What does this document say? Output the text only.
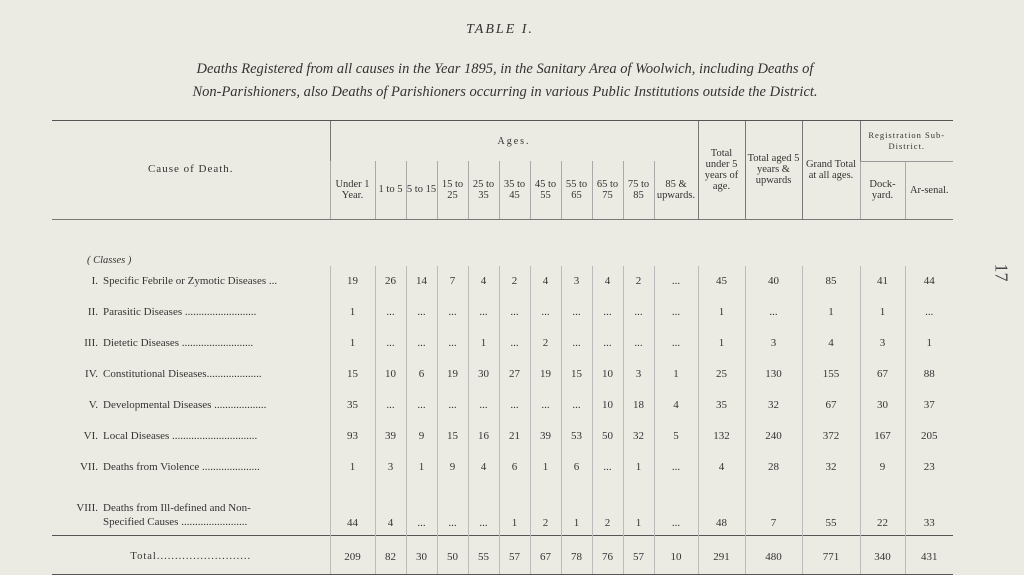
TABLE I.
Deaths Registered from all causes in the Year 1895, in the Sanitary Area of Woolwich, including Deaths of
Non-Parishioners, also Deaths of Parishioners occurring in various Public Institutions outside the District.
17

Cause of Death.	Ages.											Total under 5 years of age.	Total aged 5 years & upwards	Grand Total at all ages.	Registration Sub-District.	
	Under 1 Year.	1 to 5	5 to 15	15 to 25	25 to 35	35 to 45	45 to 55	55 to 65	65 to 75	75 to 85	85 & upwards.				Dock-yard.	Ar-senal.
( Classes )																
I. Specific Febrile or Zymotic Diseases ...	19	26	14	7	4	2	4	3	4	2	...	45	40	85	41	44
II. Parasitic Diseases ..........................	1	...	...	...	...	...	...	...	...	...	...	1	...	1	1	...
III. Dietetic Diseases ..........................	1	...	...	...	1	...	2	...	...	...	...	1	3	4	3	1
IV. Constitutional Diseases....................	15	10	6	19	30	27	19	15	10	3	1	25	130	155	67	88
V. Developmental Diseases ...................	35	...	...	...	...	...	...	...	10	18	4	35	32	67	30	37
VI. Local Diseases ...............................	93	39	9	15	16	21	39	53	50	32	5	132	240	372	167	205
VII. Deaths from Violence .....................	1	3	1	9	4	6	1	6	...	1	...	4	28	32	9	23
VIII. Deaths from Ill-defined and Non-
Specified Causes ........................	44	4	...	...	...	1	2	1	2	1	...	48	7	55	22	33
Total..........................	209	82	30	50	55	57	67	78	76	57	10	291	480	771	340	431
